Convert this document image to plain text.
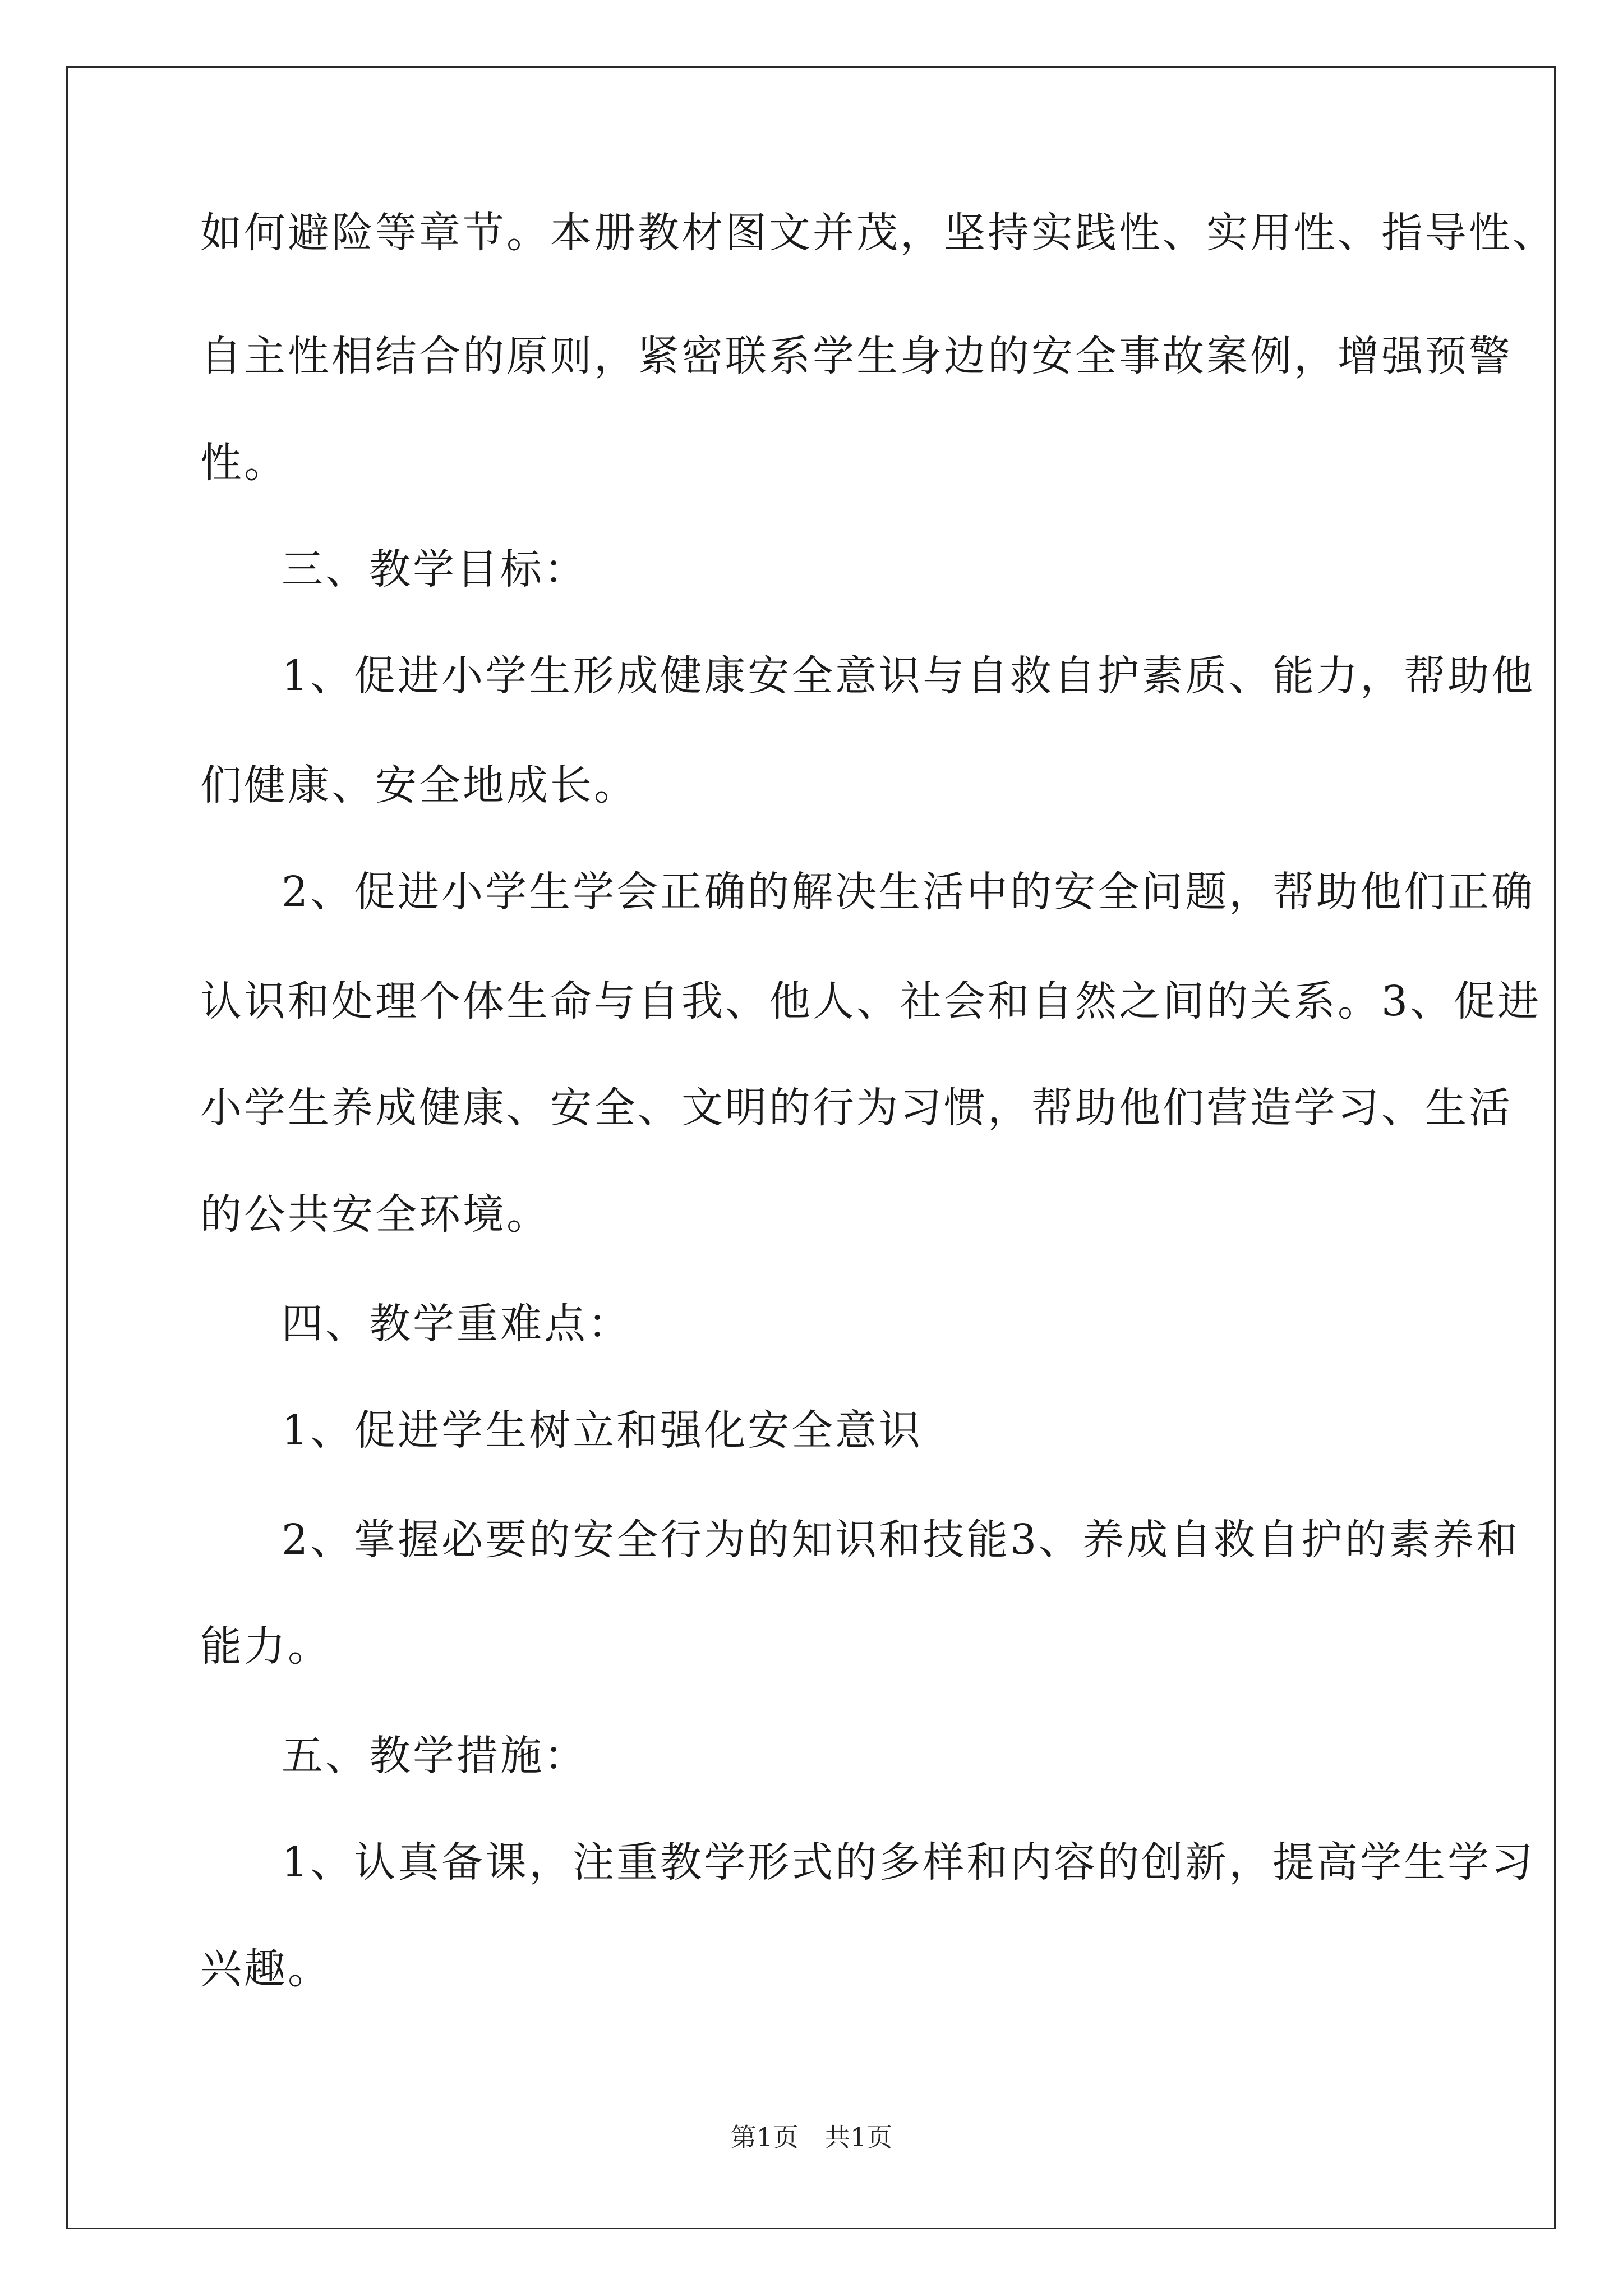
如何避险等章节。本册教材图文并茂，坚持实践性、实用性、指导性、
自主性相结合的原则，紧密联系学生身边的安全事故案例，增强预警
性。
三、教学目标：
1、促进小学生形成健康安全意识与自救自护素质、能力，帮助他
们健康、安全地成长。
2、促进小学生学会正确的解决生活中的安全问题，帮助他们正确
认识和处理个体生命与自我、他人、社会和自然之间的关系。3、促进
小学生养成健康、安全、文明的行为习惯，帮助他们营造学习、生活
的公共安全环境。
四、教学重难点：
1、促进学生树立和强化安全意识
2、掌握必要的安全行为的知识和技能3、养成自救自护的素养和
能力。
五、教学措施：
1、认真备课，注重教学形式的多样和内容的创新，提高学生学习
兴趣。
第1页 共1页
